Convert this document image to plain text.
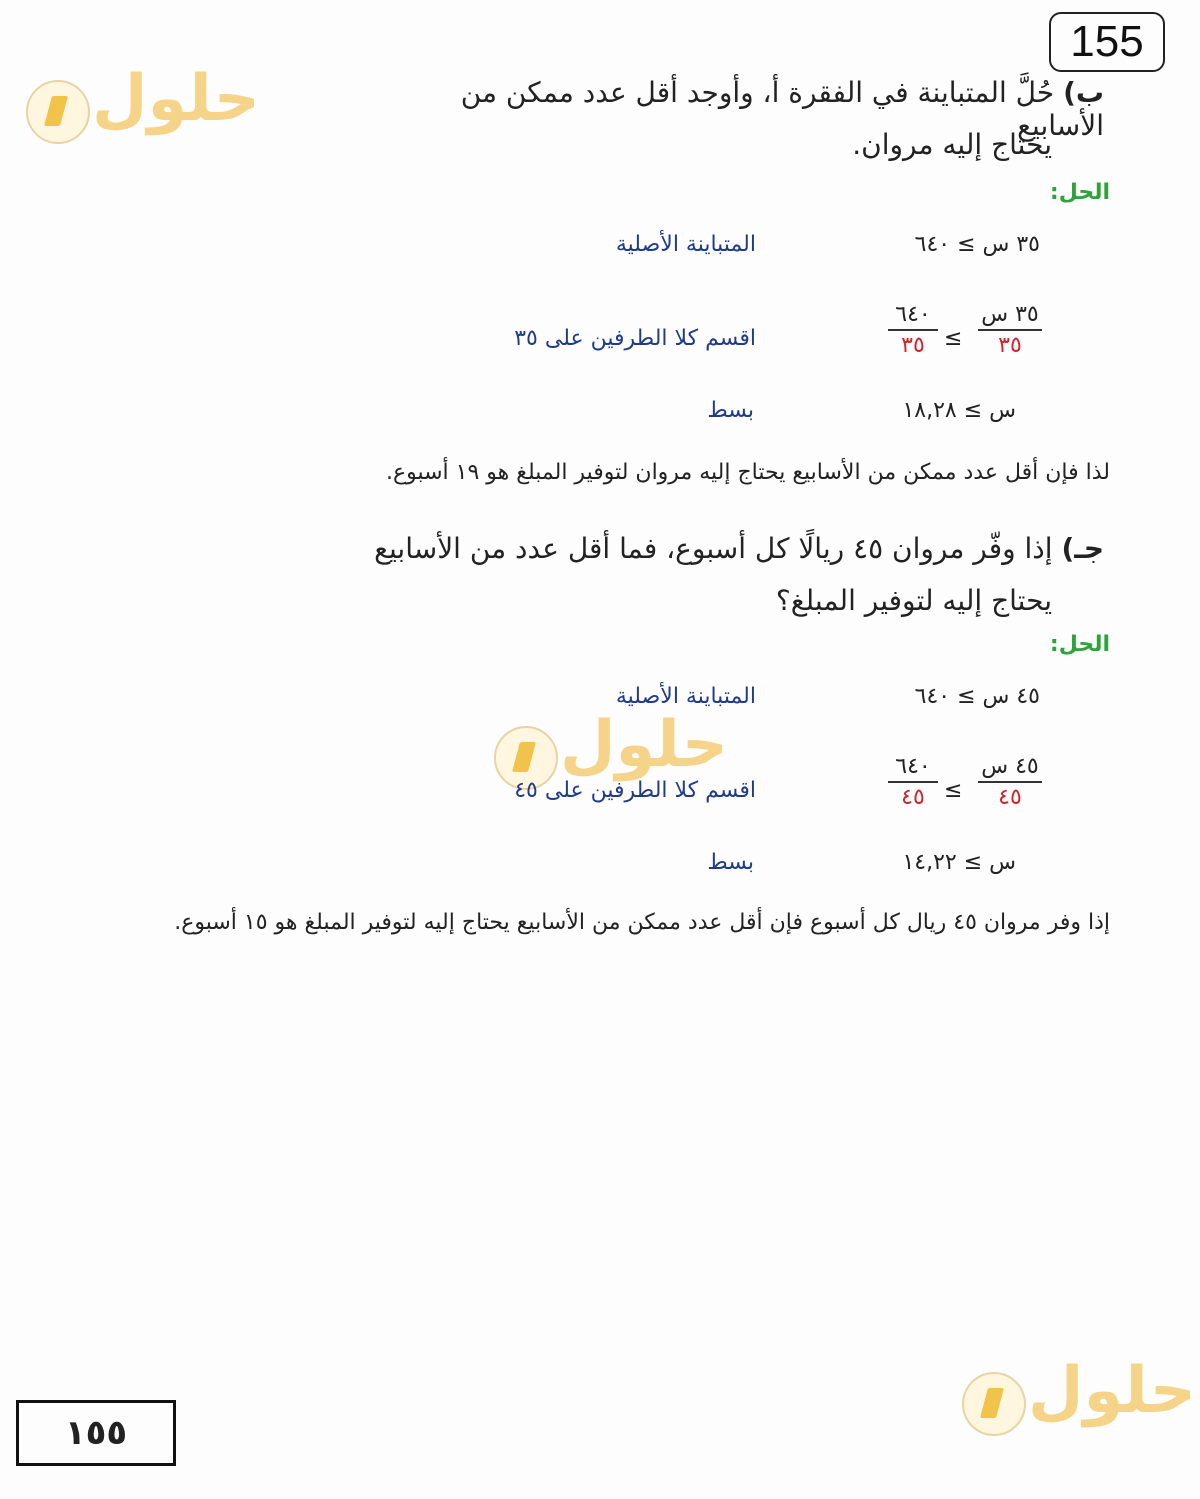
155
حلول
حلول
حلول
ب) حُلَّ المتباينة في الفقرة أ، وأوجد أقل عدد ممكن من الأسابيع
يحتاج إليه مروان.
الحل:
٣٥ س ≥ ٦٤٠
المتباينة الأصلية
٣٥ س
٣٥
≥
٦٤٠
٣٥
اقسم كلا الطرفين على ٣٥
س ≥ ١٨,٢٨
بسط
لذا فإن أقل عدد ممكن من الأسابيع يحتاج إليه مروان لتوفير المبلغ هو ١٩ أسبوع.
جـ) إذا وفّر مروان ٤٥ ريالًا كل أسبوع، فما أقل عدد من الأسابيع
يحتاج إليه لتوفير المبلغ؟
الحل:
٤٥ س ≥ ٦٤٠
المتباينة الأصلية
٤٥ س
٤٥
≥
٦٤٠
٤٥
اقسم كلا الطرفين على ٤٥
س ≥ ١٤,٢٢
بسط
إذا وفر مروان ٤٥ ريال كل أسبوع فإن أقل عدد ممكن من الأسابيع يحتاج إليه لتوفير المبلغ هو ١٥ أسبوع.
١٥٥
